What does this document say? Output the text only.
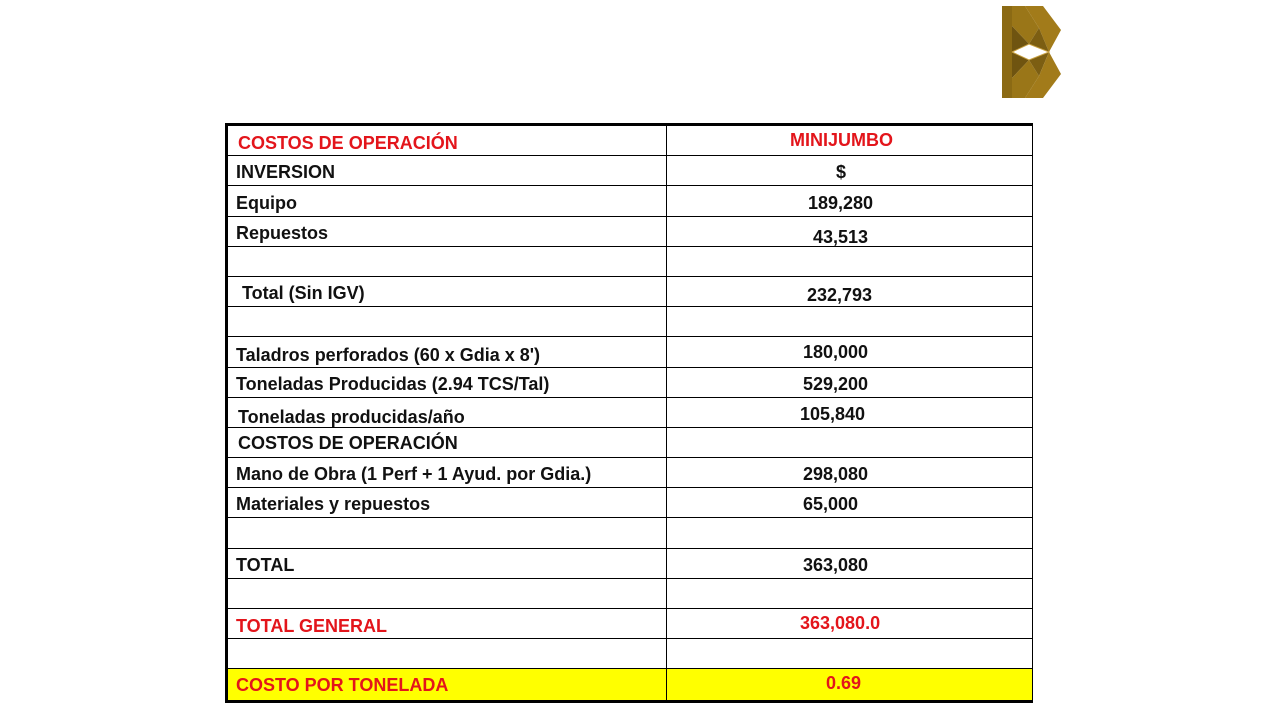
COSTOS DE OPERACIÓN	MINIJUMBO
INVERSION	$
Equipo	189,280
Repuestos	43,513
Total (Sin IGV)	232,793
Taladros perforados (60 x Gdia x 8')	180,000
Toneladas Producidas (2.94 TCS/Tal)	529,200
Toneladas producidas/año	105,840
COSTOS DE OPERACIÓN
Mano de Obra (1 Perf + 1 Ayud. por Gdia.)	298,080
Materiales y repuestos	65,000
TOTAL	363,080
TOTAL GENERAL	363,080.0
COSTO POR TONELADA	0.69
